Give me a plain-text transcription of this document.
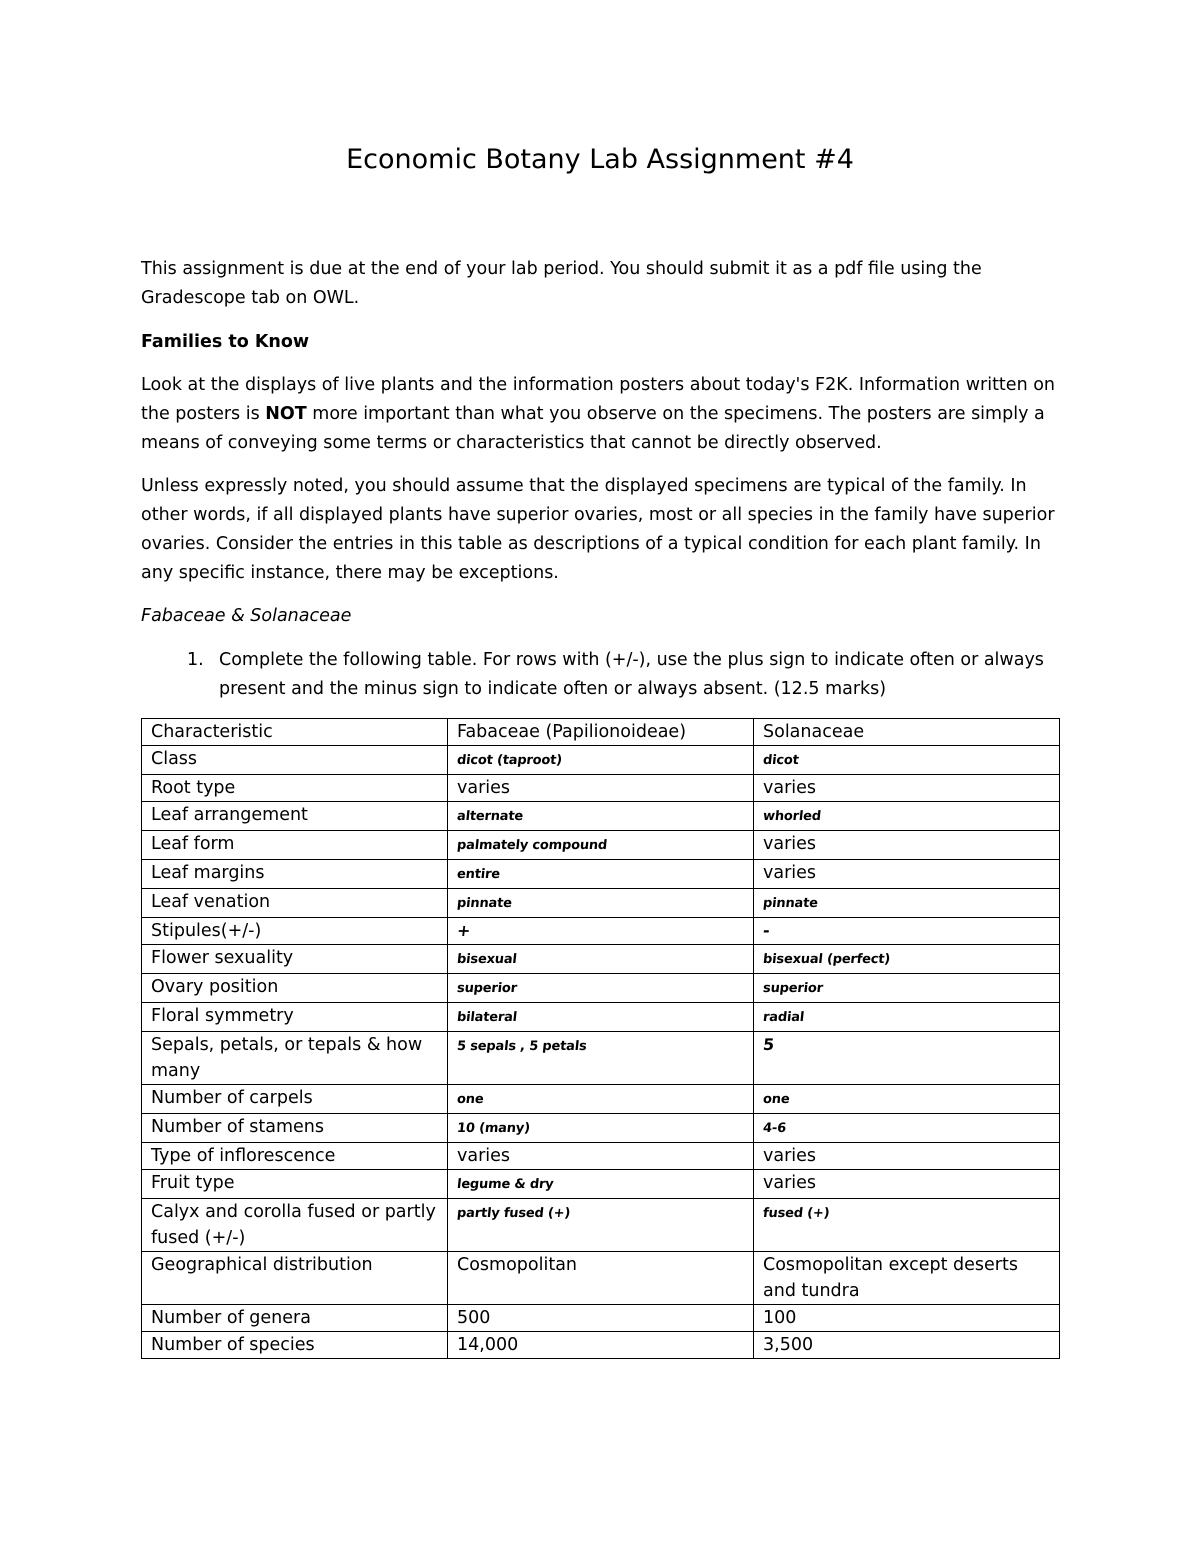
Economic Botany Lab Assignment #4

This assignment is due at the end of your lab period. You should submit it as a pdf file using the Gradescope tab on OWL.

Families to Know

Look at the displays of live plants and the information posters about today's F2K. Information written on the posters is NOT more important than what you observe on the specimens. The posters are simply a means of conveying some terms or characteristics that cannot be directly observed.

Unless expressly noted, you should assume that the displayed specimens are typical of the family. In other words, if all displayed plants have superior ovaries, most or all species in the family have superior ovaries. Consider the entries in this table as descriptions of a typical condition for each plant family. In any specific instance, there may be exceptions.

Fabaceae & Solanaceae

1. Complete the following table. For rows with (+/-), use the plus sign to indicate often or always present and the minus sign to indicate often or always absent. (12.5 marks)
Characteristic	Fabaceae (Papilionoideae)	Solanaceae
Class	dicot (taproot)	dicot
Root type	varies	varies
Leaf arrangement	alternate	whorled
Leaf form	palmately compound	varies
Leaf margins	entire	varies
Leaf venation	pinnate	pinnate
Stipules(+/-)	+	-
Flower sexuality	bisexual	bisexual (perfect)
Ovary position	superior	superior
Floral symmetry	bilateral	radial
Sepals, petals, or tepals & how many	5 sepals , 5 petals	5
Number of carpels	one	one
Number of stamens	10 (many)	4-6
Type of inflorescence	varies	varies
Fruit type	legume & dry	varies
Calyx and corolla fused or partly fused (+/-)	partly fused (+)	fused (+)
Geographical distribution	Cosmopolitan	Cosmopolitan except deserts and tundra
Number of genera	500	100
Number of species	14,000	3,500
